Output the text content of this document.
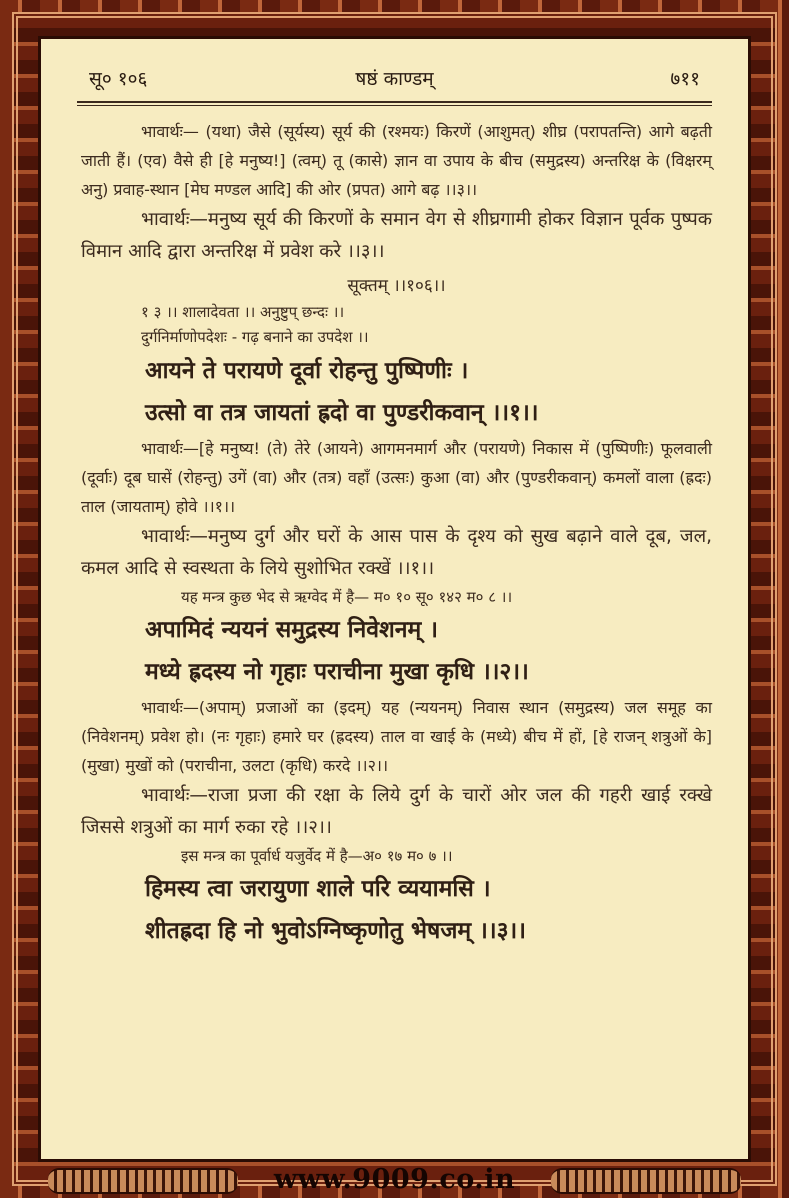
सू० १०६	षष्ठं काण्डम्	७११

भावार्थः— (यथा) जैसे (सूर्यस्य) सूर्य की (रश्मयः) किरणें (आशुमत्) शीघ्र (परापतन्ति) आगे बढ़ती जाती हैं। (एव) वैसे ही [हे मनुष्य!] (त्वम्) तू (कासे) ज्ञान वा उपाय के बीच (समुद्रस्य) अन्तरिक्ष के (विक्षरम् अनु) प्रवाह-स्थान [मेघ मण्डल आदि] की ओर (प्रपत) आगे बढ़ ।।३।।

भावार्थः—मनुष्य सूर्य की किरणों के समान वेग से शीघ्रगामी होकर विज्ञान पूर्वक पुष्पक विमान आदि द्वारा अन्तरिक्ष में प्रवेश करे ।।३।।

सूक्तम् ।।१०६।।

१ ३ ।। शालादेवता ।। अनुष्टुप् छन्दः ।।

दुर्गनिर्माणोपदेशः - गढ़ बनाने का उपदेश ।।

आयने ते परायणे दूर्वा रोहन्तु पुष्पिणीः ।

उत्सो वा तत्र जायतां ह्रदो वा पुण्डरीकवान् ।।१।।

भावार्थः—[हे मनुष्य! (ते) तेरे (आयने) आगमनमार्ग और (परायणे) निकास में (पुष्पिणीः) फूलवाली (दूर्वाः) दूब घासें (रोहन्तु) उगें (वा) और (तत्र) वहाँ (उत्सः) कुआ (वा) और (पुण्डरीकवान्) कमलों वाला (ह्रदः) ताल (जायताम्) होवे ।।१।।

भावार्थः—मनुष्य दुर्ग और घरों के आस पास के दृश्य को सुख बढ़ाने वाले दूब, जल, कमल आदि से स्वस्थता के लिये सुशोभित रक्खें ।।१।।

यह मन्त्र कुछ भेद से ऋग्वेद में है— म० १० सू० १४२ म० ८ ।।

अपामिदं न्ययनं समुद्रस्य निवेशनम् ।

मध्ये ह्रदस्य नो गृहाः पराचीना मुखा कृधि ।।२।।

भावार्थः—(अपाम्) प्रजाओं का (इदम्) यह (न्ययनम्) निवास स्थान (समुद्रस्य) जल समूह का (निवेशनम्) प्रवेश हो। (नः गृहाः) हमारे घर (ह्रदस्य) ताल वा खाई के (मध्ये) बीच में हों, [हे राजन् शत्रुओं के] (मुखा) मुखों को (पराचीना, उलटा (कृधि) करदे ।।२।।

भावार्थः—राजा प्रजा की रक्षा के लिये दुर्ग के चारों ओर जल की गहरी खाई रक्खे जिससे शत्रुओं का मार्ग रुका रहे ।।२।।

इस मन्त्र का पूर्वार्ध यजुर्वेद में है—अ० १७ म० ७ ।।

हिमस्य त्वा जरायुणा शाले परि व्ययामसि ।

शीतह्रदा हि नो भुवोऽग्निष्कृणोतु भेषजम् ।।३।।

www.9009.co.in
